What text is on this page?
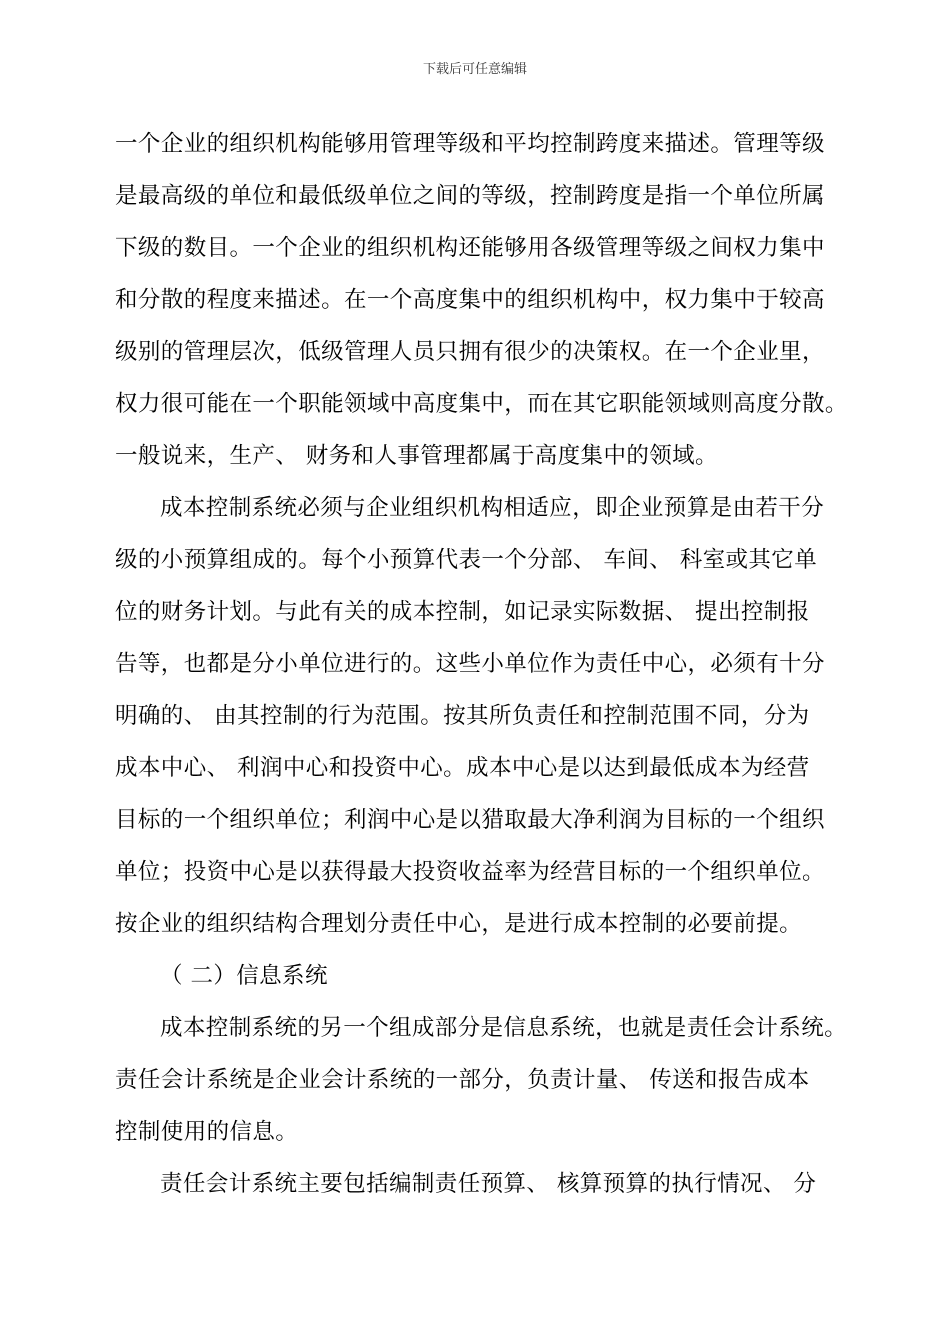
下载后可任意编辑
一个企业的组织机构能够用管理等级和平均控制跨度来描述。管理等级
是最高级的单位和最低级单位之间的等级，控制跨度是指一个单位所属
下级的数目。一个企业的组织机构还能够用各级管理等级之间权力集中
和分散的程度来描述。在一个高度集中的组织机构中，权力集中于较高
级别的管理层次，低级管理人员只拥有很少的决策权。在一个企业里，
权力很可能在一个职能领域中高度集中，而在其它职能领域则高度分散。
一般说来，生产、 财务和人事管理都属于高度集中的领域。
成本控制系统必须与企业组织机构相适应，即企业预算是由若干分
级的小预算组成的。每个小预算代表一个分部、 车间、 科室或其它单
位的财务计划。与此有关的成本控制，如记录实际数据、 提出控制报
告等，也都是分小单位进行的。这些小单位作为责任中心，必须有十分
明确的、 由其控制的行为范围。按其所负责任和控制范围不同，分为
成本中心、 利润中心和投资中心。成本中心是以达到最低成本为经营
目标的一个组织单位；利润中心是以猎取最大净利润为目标的一个组织
单位；投资中心是以获得最大投资收益率为经营目标的一个组织单位。
按企业的组织结构合理划分责任中心，是进行成本控制的必要前提。
（ 二）信息系统
成本控制系统的另一个组成部分是信息系统，也就是责任会计系统。
责任会计系统是企业会计系统的一部分，负责计量、 传送和报告成本
控制使用的信息。
责任会计系统主要包括编制责任预算、 核算预算的执行情况、 分
